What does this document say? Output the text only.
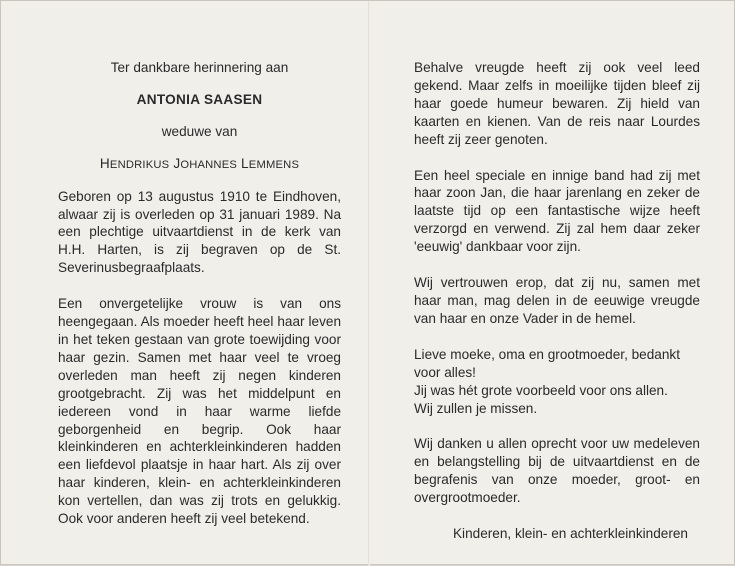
Ter dankbare herinnering aan
ANTONIA SAASEN
weduwe van
HENDRIKUS JOHANNES LEMMENS

Geboren op 13 augustus 1910 te Eindhoven, alwaar zij is overleden op 31 januari 1989. Na een plechtige uitvaartdienst in de kerk van H.H. Harten, is zij begraven op de St. Severinusbegraafplaats.

Een onvergetelijke vrouw is van ons heengegaan. Als moeder heeft heel haar leven in het teken gestaan van grote toewijding voor haar gezin. Samen met haar veel te vroeg overleden man heeft zij negen kinderen grootgebracht. Zij was het middelpunt en iedereen vond in haar warme liefde geborgenheid en begrip. Ook haar kleinkinderen en achterkleinkinderen hadden een liefdevol plaatsje in haar hart. Als zij over haar kinderen, klein- en achterkleinkinderen kon vertellen, dan was zij trots en gelukkig. Ook voor anderen heeft zij veel betekend.

Behalve vreugde heeft zij ook veel leed gekend. Maar zelfs in moeilijke tijden bleef zij haar goede humeur bewaren. Zij hield van kaarten en kienen. Van de reis naar Lourdes heeft zij zeer genoten.

Een heel speciale en innige band had zij met haar zoon Jan, die haar jarenlang en zeker de laatste tijd op een fantastische wijze heeft verzorgd en verwend. Zij zal hem daar zeker 'eeuwig' dankbaar voor zijn.

Wij vertrouwen erop, dat zij nu, samen met haar man, mag delen in de eeuwige vreugde van haar en onze Vader in de hemel.

Lieve moeke, oma en grootmoeder, bedankt voor alles!
Jij was hét grote voorbeeld voor ons allen.
Wij zullen je missen.

Wij danken u allen oprecht voor uw medeleven en belangstelling bij de uitvaartdienst en de begrafenis van onze moeder, groot- en overgrootmoeder.

Kinderen, klein- en achterkleinkinderen
